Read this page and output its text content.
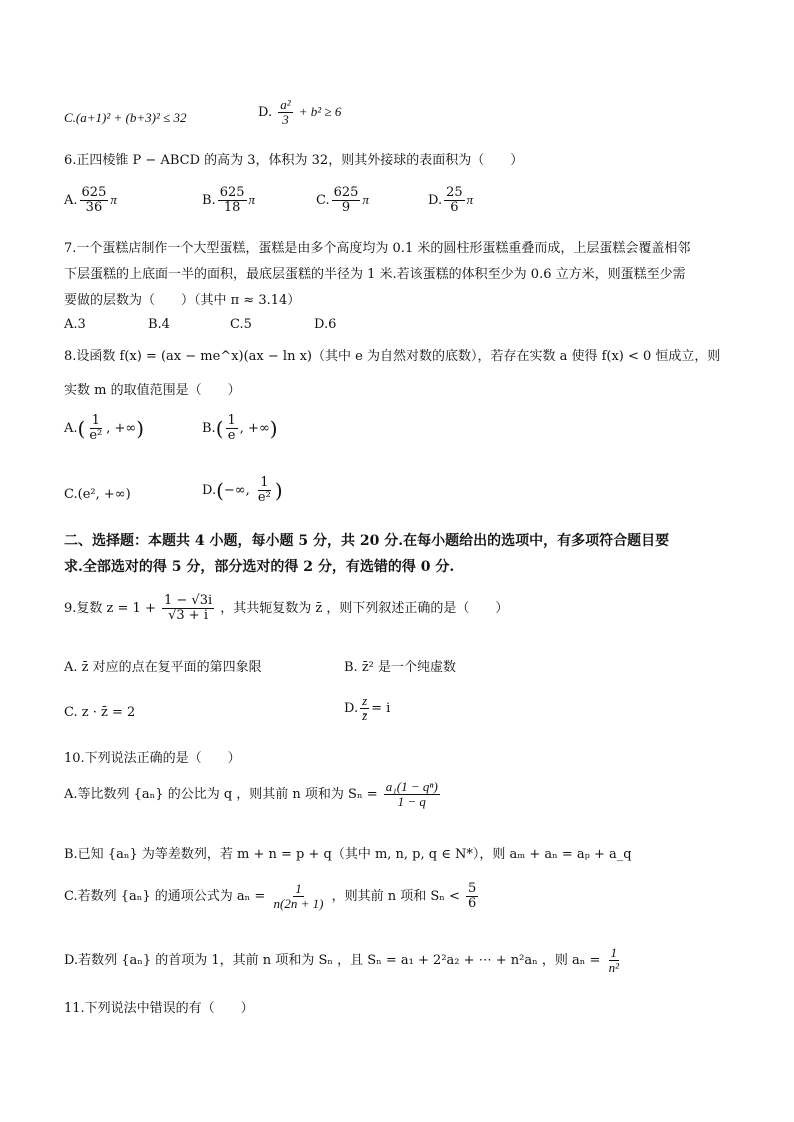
C.(a+1)² + (b+3)² ≤ 32	D. $\frac{\text{a²}}{3} + b^2 \ge 6$
6.正四棱锥 P − ABCD 的高为 3，体积为 32，则其外接球的表面积为（　　）
A. $\frac{625}{36}$ π	B. $\frac{625}{18}$ π	C. $\frac{625}{9}$ π	D. $\frac{25}{6}$ π
7.一个蛋糕店制作一个大型蛋糕，蛋糕是由多个高度均为 0.1 米的圆柱形蛋糕重叠而成，上层蛋糕会覆盖相邻
下层蛋糕的上底面一半的面积，最底层蛋糕的半径为 1 米.若该蛋糕的体积至少为 0.6 立方米，则蛋糕至少需
要做的层数为（　　）（其中 π ≈ 3.14）
A.3	B.4	C.5	D.6
8.设函数 f(x) = (ax − me^x)(ax − ln x)（其中 e 为自然对数的底数），若存在实数 a 使得 f(x) < 0 恒成立，则
实数 m 的取值范围是（　　）
$A.( \frac{1}{\text{e²}}$ , +∞)	$B.( \frac{1}{e}$ , +∞)
C.(e², +∞)	D.(−∞, $\frac{1}{\text{e²}}$ )
二、选择题：本题共 4 小题，每小题 5 分，共 20 分.在每小题给出的选项中，有多项符合题目要
求.全部选对的得 5 分，部分选对的得 2 分，有选错的得 0 分.
9.复数 $z = 1 + \frac{1 - √3i}{√3 + i}$ ，其共轭复数为 z̄ ，则下列叙述正确的是（　　）
A. z̄ 对应的点在复平面的第四象限	B. z̄² 是一个纯虚数
C. z · z̄ = 2	D. $\frac{z}{z̄} = i$
10.下列说法正确的是（　　）
A.等比数列 {aₙ} 的公比为 q ，则其前 n 项和为 $S_n = \frac{\text{a₁(1 − qⁿ)}}{1 - q}$
B.已知 {aₙ} 为等差数列，若 m + n = p + q（其中 m, n, p, q ∈ N*），则 aₘ + aₙ = aₚ + a_q
C.若数列 {aₙ} 的通项公式为 $a_n = \frac{1}{n(2n + 1)}$ ，则其前 n 项和 $S_n < \frac{5}{6}$
D.若数列 {aₙ} 的首项为 1，其前 n 项和为 Sₙ ，且 Sₙ = a₁ + 2²a₂ + ⋯ + n²aₙ ，则 $a_n = \frac{1}{\text{n²}}$
11.下列说法中错误的有（　　）
